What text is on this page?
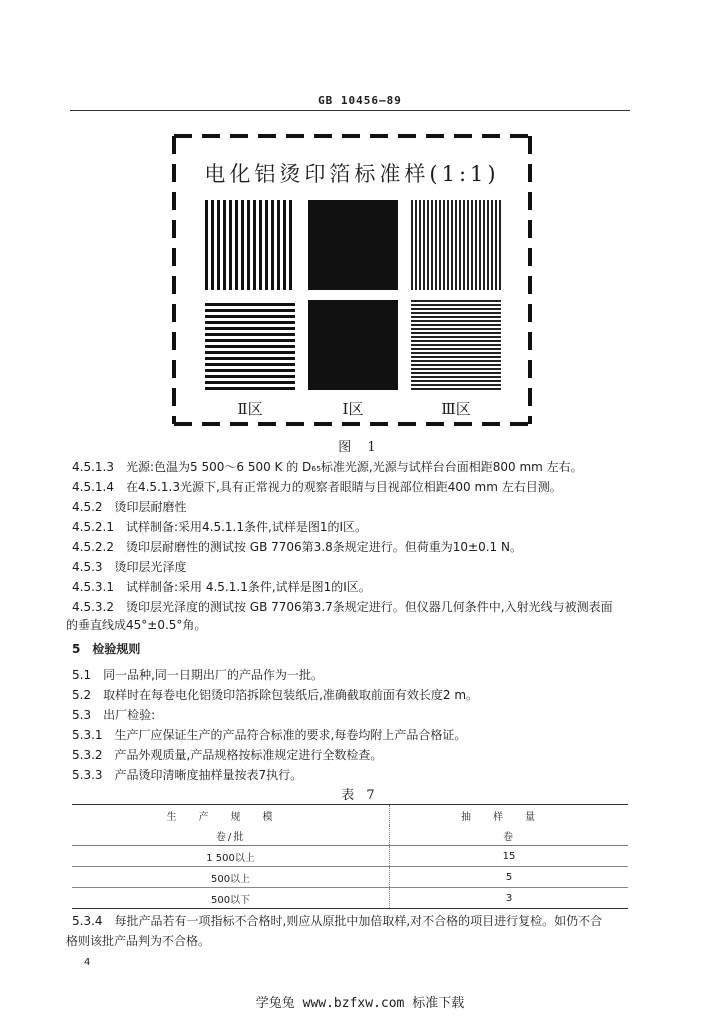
GB 10456—89
电化铝烫印箔标准样(1:1)
Ⅱ区	Ⅰ区	Ⅲ区
图 1
4.5.1.3　光源:色温为5 500～6 500 K 的 D₆₅标准光源,光源与试样台台面相距800 mm 左右。
4.5.1.4　在4.5.1.3光源下,具有正常视力的观察者眼睛与目视部位相距400 mm 左右目测。
4.5.2　烫印层耐磨性
4.5.2.1　试样制备:采用4.5.1.1条件,试样是图1的Ⅰ区。
4.5.2.2　烫印层耐磨性的测试按 GB 7706第3.8条规定进行。但荷重为10±0.1 N。
4.5.3　烫印层光泽度
4.5.3.1　试样制备:采用 4.5.1.1条件,试样是图1的Ⅰ区。
4.5.3.2　烫印层光泽度的测试按 GB 7706第3.7条规定进行。但仪器几何条件中,入射光线与被测表面
的垂直线成45°±0.5°角。
5　检验规则
5.1　同一品种,同一日期出厂的产品作为一批。
5.2　取样时在每卷电化铝烫印箔拆除包装纸后,准确截取前面有效长度2 m。
5.3　出厂检验:
5.3.1　生产厂应保证生产的产品符合标准的要求,每卷均附上产品合格证。
5.3.2　产品外观质量,产品规格按标准规定进行全数检查。
5.3.3　产品烫印清晰度抽样量按表7执行。
表 7
生产规模	抽样量
卷/批	卷
1 500以上	15
500以上	5
500以下	3
5.3.4　每批产品若有一项指标不合格时,则应从原批中加倍取样,对不合格的项目进行复检。如仍不合
格则该批产品判为不合格。
4
学兔兔 www.bzfxw.com 标准下载
